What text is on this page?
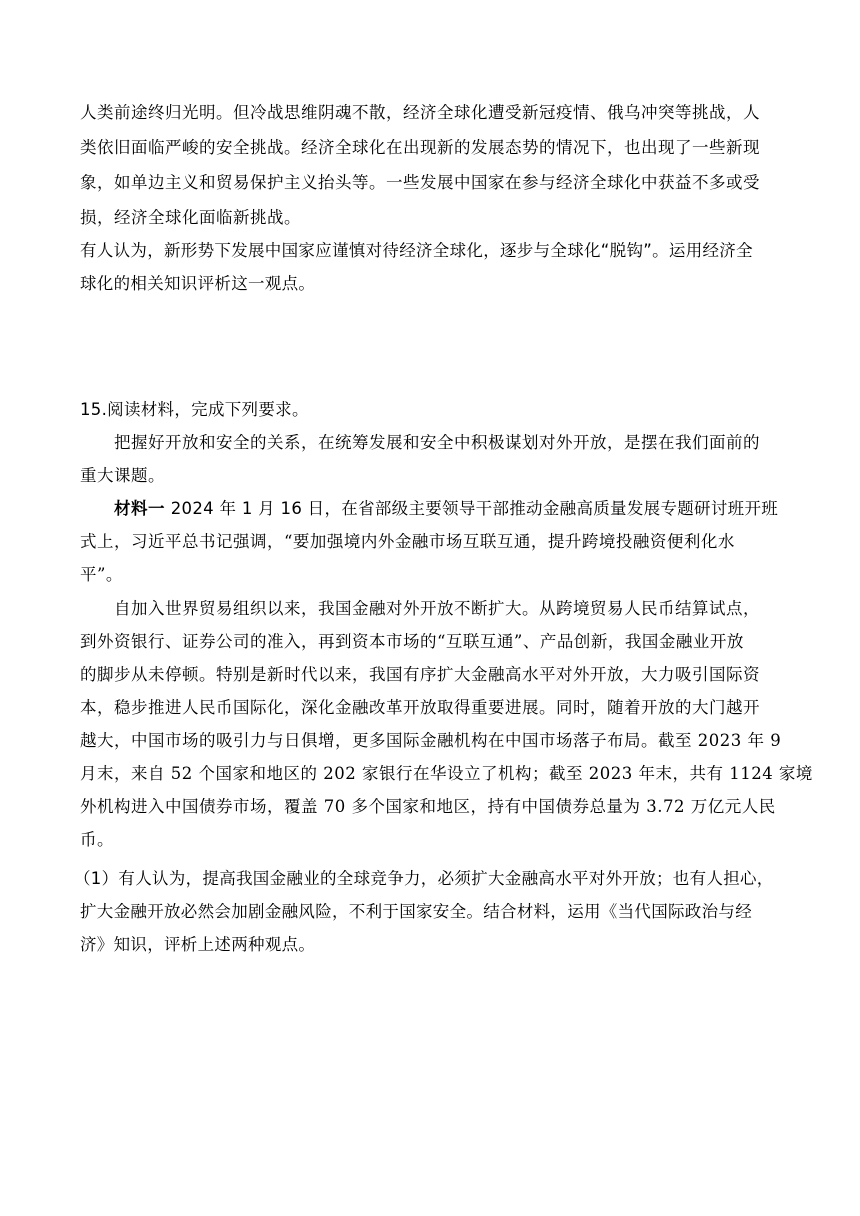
人类前途终归光明。但冷战思维阴魂不散，经济全球化遭受新冠疫情、俄乌冲突等挑战，人
类依旧面临严峻的安全挑战。经济全球化在出现新的发展态势的情况下，也出现了一些新现
象，如单边主义和贸易保护主义抬头等。一些发展中国家在参与经济全球化中获益不多或受
损，经济全球化面临新挑战。
有人认为，新形势下发展中国家应谨慎对待经济全球化，逐步与全球化“脱钩”。运用经济全
球化的相关知识评析这一观点。
15.阅读材料，完成下列要求。
把握好开放和安全的关系，在统筹发展和安全中积极谋划对外开放，是摆在我们面前的
重大课题。
材料一 2024 年 1 月 16 日，在省部级主要领导干部推动金融高质量发展专题研讨班开班
式上，习近平总书记强调，“要加强境内外金融市场互联互通，提升跨境投融资便利化水
平”。
自加入世界贸易组织以来，我国金融对外开放不断扩大。从跨境贸易人民币结算试点，
到外资银行、证券公司的准入，再到资本市场的“互联互通”、产品创新，我国金融业开放
的脚步从未停顿。特别是新时代以来，我国有序扩大金融高水平对外开放，大力吸引国际资
本，稳步推进人民币国际化，深化金融改革开放取得重要进展。同时，随着开放的大门越开
越大，中国市场的吸引力与日俱增，更多国际金融机构在中国市场落子布局。截至 2023 年 9
月末，来自 52 个国家和地区的 202 家银行在华设立了机构；截至 2023 年末，共有 1124 家境
外机构进入中国债券市场，覆盖 70 多个国家和地区，持有中国债券总量为 3.72 万亿元人民
币。
（1）有人认为，提高我国金融业的全球竞争力，必须扩大金融高水平对外开放；也有人担心，
扩大金融开放必然会加剧金融风险，不利于国家安全。结合材料，运用《当代国际政治与经
济》知识，评析上述两种观点。
